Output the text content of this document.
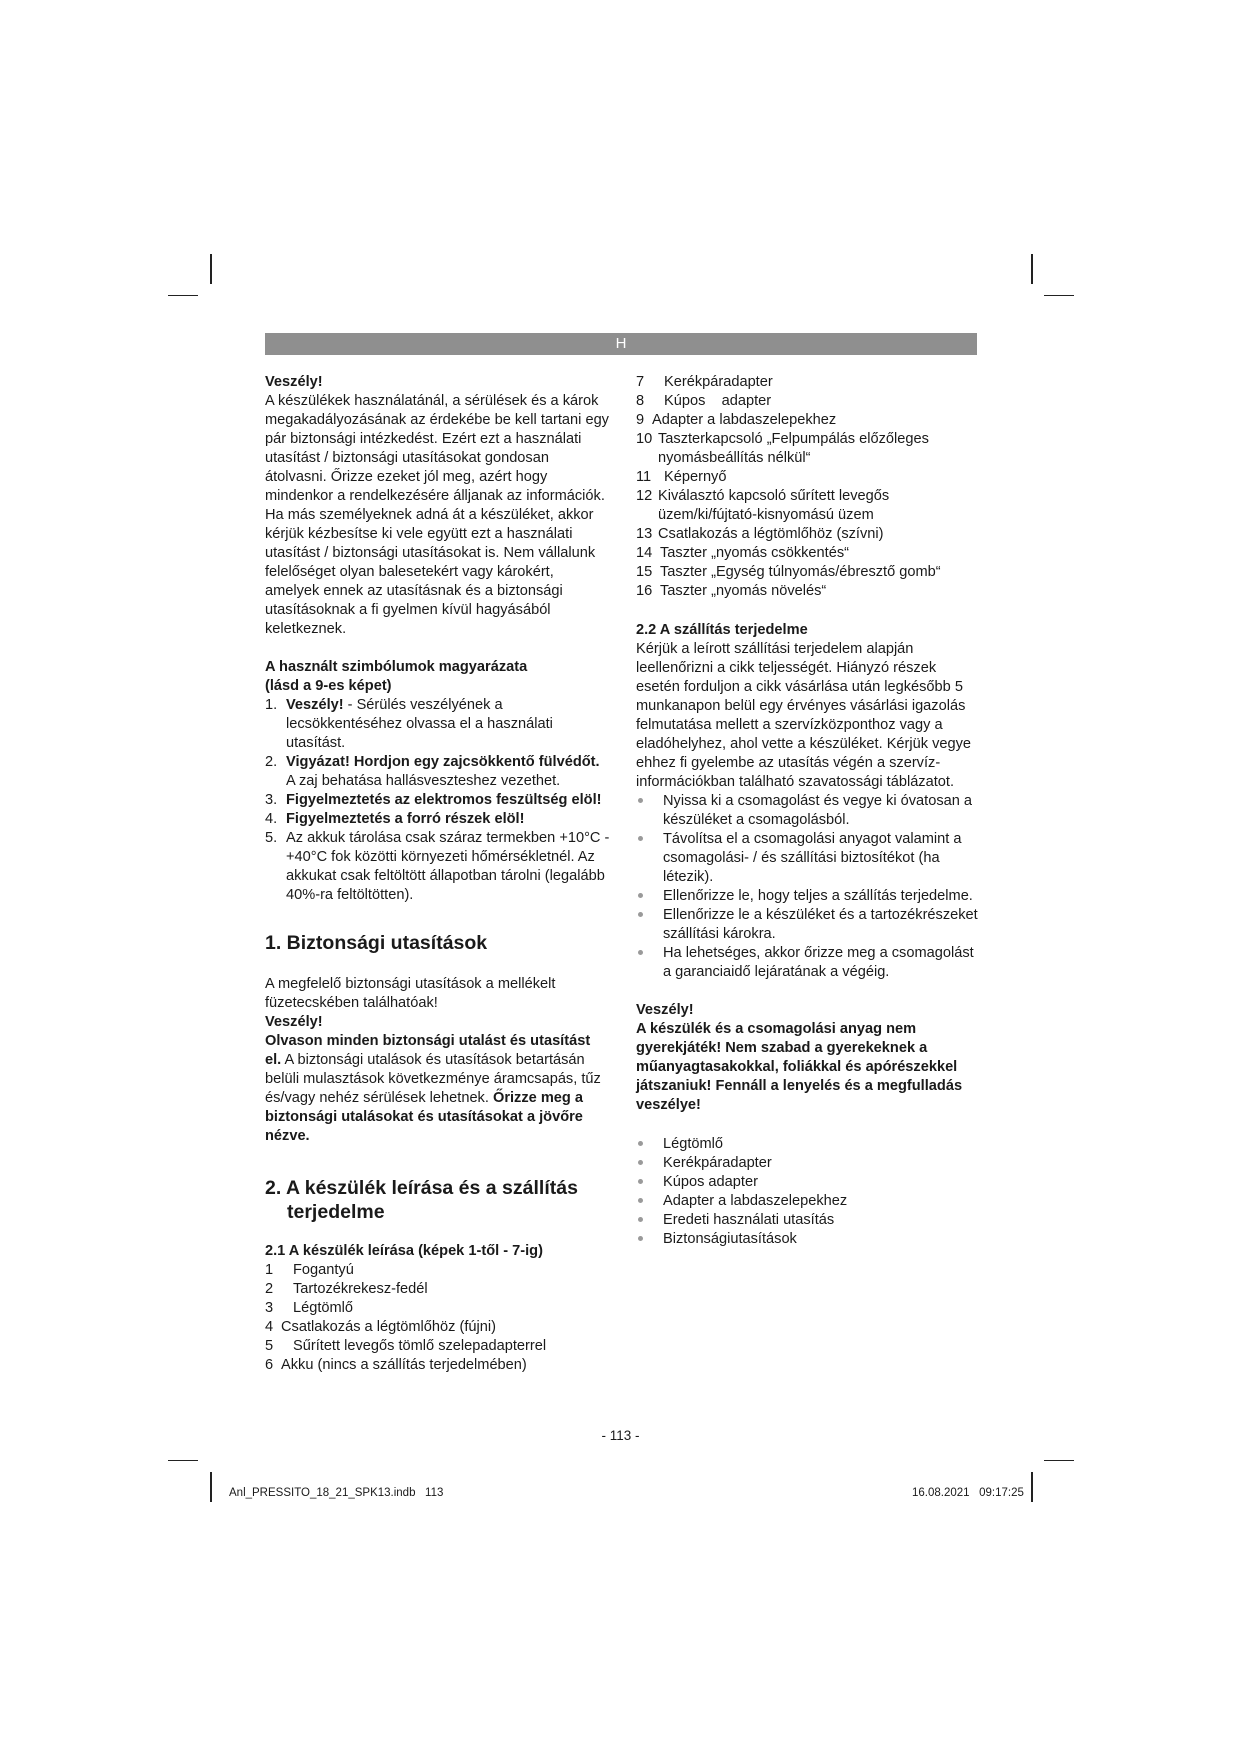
H

Veszély!

A készülékek használatánál, a sérülések és a károk megakadályozásának az érdekébe be kell tartani egy pár biztonsági intézkedést. Ezért ezt a használati utasítást / biztonsági utasításokat gondosan átolvasni. Őrizze ezeket jól meg, azért hogy mindenkor a rendelkezésére álljanak az információk. Ha más személyeknek adná át a készüléket, akkor kérjük kézbesítse ki vele együtt ezt a használati utasítást / biztonsági utasításokat is. Nem vállalunk felelőséget olyan balesetekért vagy károkért, amelyek ennek az utasításnak és a biztonsági utasításoknak a fi gyelmen kívül hagyásából keletkeznek.

A használt szimbólumok magyarázata

(lásd a 9-es képet)

1. Veszély! - Sérülés veszélyének a lecsökkentéséhez olvassa el a használati utasítást.
2. Vigyázat! Hordjon egy zajcsökkentő fülvédőt. A zaj behatása hallásveszteshez vezethet.
3. Figyelmeztetés az elektromos feszültség elöl!
4. Figyelmeztetés a forró részek elöl!
5. Az akkuk tárolása csak száraz termekben +10°C - +40°C fok közötti környezeti hőmérsékletnél. Az akkukat csak feltöltött állapotban tárolni (legalább 40%-ra feltöltötten).
1. Biztonsági utasítások

A megfelelő biztonsági utasítások a mellékelt füzetecskében találhatóak!

Veszély!

Olvason minden biztonsági utalást és utasítást el. A biztonsági utalások és utasítások betartásán belüli mulasztások következménye áramcsapás, tűz és/vagy nehéz sérülések lehetnek. Őrizze meg a biztonsági utalásokat és utasításokat a jövőre nézve.

2. A készülék leírása és a szállítás terjedelme

2.1 A készülék leírása (képek 1-től - 7-ig)

1	Fogantyú
2	Tartozékrekesz-fedél
3	Légtömlő
4 Csatlakozás a légtömlőhöz (fújni)
5	Sűrített levegős tömlő szelepadapterrel
6 Akku (nincs a szállítás terjedelmében)
7	Kerékpáradapter
8	Kúpos    adapter
9 Adapter a labdaszelepekhez
10 Taszterkapcsoló „Felpumpálás előzőleges nyomásbeállítás nélkül“
11 Képernyő
12 Kiválasztó kapcsoló sűrített levegős üzem/ki/fújtató-kisnyomású üzem
13 Csatlakozás a légtömlőhöz (szívni)
14 Taszter „nyomás csökkentés“
15 Taszter „Egység túlnyomás/ébresztő gomb“
16 Taszter „nyomás növelés“

2.2 A szállítás terjedelme

Kérjük a leírott szállítási terjedelem alapján leellenőrizni a cikk teljességét. Hiányzó részek esetén forduljon a cikk vásárlása után legkésőbb 5 munkanapon belül egy érvényes vásárlási igazolás felmutatása mellett a szervízközponthoz vagy a eladóhelyhez, ahol vette a készüléket. Kérjük vegye ehhez fi gyelembe az utasítás végén a szervíz-információkban található szavatossági táblázatot.

Nyissa ki a csomagolást és vegye ki óvatosan a készüléket a csomagolásból.
Távolítsa el a csomagolási anyagot valamint a csomagolási- / és szállítási biztosítékot (ha létezik).
Ellenőrizze le, hogy teljes a szállítás terjedelme.
Ellenőrizze le a készüléket és a tartozékrészeket szállítási károkra.
Ha lehetséges, akkor őrizze meg a csomagolást a garanciaidő lejáratának a végéig.

Veszély!

A készülék és a csomagolási anyag nem gyerekjáték! Nem szabad a gyerekeknek a műanyagtasakokkal, foliákkal és apórészekkel játszaniuk! Fennáll a lenyelés és a megfulladás veszélye!

Légtömlő
Kerékpáradapter
Kúpos adapter
Adapter a labdaszelepekhez
Eredeti használati utasítás
Biztonságiutasítások
- 113 -
Anl_PRESSITO_18_21_SPK13.indb   113	16.08.2021   09:17:25
